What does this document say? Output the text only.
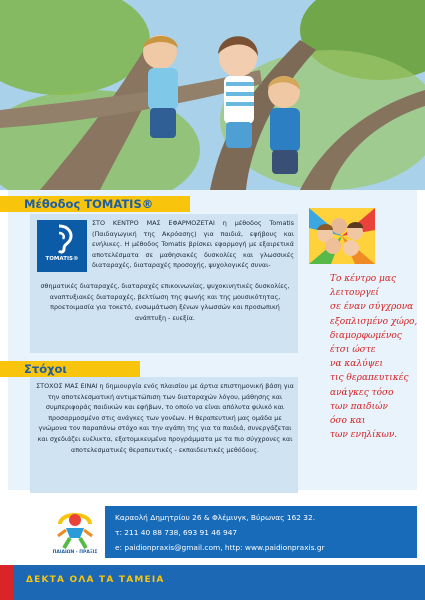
Μέθοδος TOMATIS®
TOMATIS®

ΣΤΟ ΚΕΝΤΡΟ ΜΑΣ ΕΦΑΡΜΟΖΕΤΑΙ η μέθοδος Tomatis (Παιδαγωγική της Ακρόασης) για παιδιά, εφήβους και ενήλικες. Η μέθοδος Tomatis βρίσκει εφαρμογή με εξαιρετικά αποτελέσματα σε μαθησιακές δυσκολίες και γλωσσικές διαταραχές, διαταραχές προσοχής, ψυχολογικές συναι-

σθηματικές διαταραχές, διαταραχές επικοινωνίας, ψυχοκινητικές δυσκολίες, αναπτυξιακές διαταραχές, βελτίωση της φωνής και της μουσικότητας, προετοιμασία για τοκετό, ενσωμάτωση ξένων γλωσσών και προσωπική ανάπτυξη - ευεξία.

Στόχοι

ΣΤΟΧΟΣ ΜΑΣ ΕΙΝΑΙ η δημιουργία ενός πλαισίου με άρτια επιστημονική βάση για την αποτελεσματική αντιμετώπιση των διαταραχών λόγου, μάθησης και συμπεριφοράς παιδικών και εφήβων, το οποίο να είναι απόλυτα φιλικό και προσαρμοσμένο στις ανάγκες των γονέων. Η θεραπευτική μας ομάδα με γνώμονα τον παραπάνω στόχο και την αγάπη της για τα παιδιά, συνεργάζεται και σχεδιάζει ευέλικτα, εξατομικευμένα προγράμματα με τα πιο σύγχρονες και αποτελεσματικές θεραπευτικές - εκπαιδευτικές μεθόδους.

Το κέντρο μας
λειτουργεί
σε έναν σύγχρονα
εξοπλισμένο χώρο,
διαμορφωμένος
έτσι ώστε
να καλύψει
τις θεραπευτικές
ανάγκες τόσο
των παιδιών
όσο και
των ενηλίκων.
ΠΑΙΔΙΩΝ - ΠΡΑΞΙΣ

Καραολή Δημητρίου 26 & Φλέμινγκ, Βύρωνας 162 32.

τ: 211 40 88 738, 693 91 46 947

e: paidionpraxis@gmail.com, http: www.paidionpraxis.gr

ΔΕΚΤΑ ΟΛΑ ΤΑ ΤΑΜΕΙΑ
